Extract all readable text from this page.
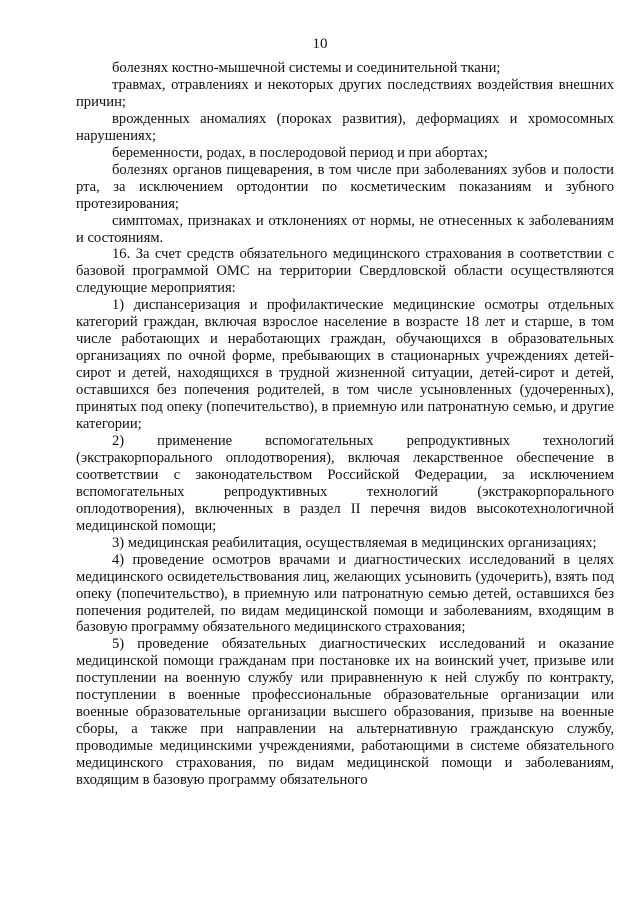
10

болезнях костно-мышечной системы и соединительной ткани;

травмах, отравлениях и некоторых других последствиях воздействия внешних причин;

врожденных аномалиях (пороках развития), деформациях и хромосомных нарушениях;

беременности, родах, в послеродовой период и при абортах;

болезнях органов пищеварения, в том числе при заболеваниях зубов и полости рта, за исключением ортодонтии по косметическим показаниям и зубного протезирования;

симптомах, признаках и отклонениях от нормы, не отнесенных к заболеваниям и состояниям.

16. За счет средств обязательного медицинского страхования в соответствии с базовой программой ОМС на территории Свердловской области осуществляются следующие мероприятия:

1) диспансеризация и профилактические медицинские осмотры отдельных категорий граждан, включая взрослое население в возрасте 18 лет и старше, в том числе работающих и неработающих граждан, обучающихся в образовательных организациях по очной форме, пребывающих в стационарных учреждениях детей-сирот и детей, находящихся в трудной жизненной ситуации, детей-сирот и детей, оставшихся без попечения родителей, в том числе усыновленных (удочеренных), принятых под опеку (попечительство), в приемную или патронатную семью, и другие категории;

2) применение вспомогательных репродуктивных технологий (экстракорпорального оплодотворения), включая лекарственное обеспечение в соответствии с законодательством Российской Федерации, за исключением вспомогательных репродуктивных технологий (экстракорпорального оплодотворения), включенных в раздел II перечня видов высокотехнологичной медицинской помощи;

3) медицинская реабилитация, осуществляемая в медицинских организациях;

4) проведение осмотров врачами и диагностических исследований в целях медицинского освидетельствования лиц, желающих усыновить (удочерить), взять под опеку (попечительство), в приемную или патронатную семью детей, оставшихся без попечения родителей, по видам медицинской помощи и заболеваниям, входящим в базовую программу обязательного медицинского страхования;

5) проведение обязательных диагностических исследований и оказание медицинской помощи гражданам при постановке их на воинский учет, призыве или поступлении на военную службу или приравненную к ней службу по контракту, поступлении в военные профессиональные образовательные организации или военные образовательные организации высшего образования, призыве на военные сборы, а также при направлении на альтернативную гражданскую службу, проводимые медицинскими учреждениями, работающими в системе обязательного медицинского страхования, по видам медицинской помощи и заболеваниям, входящим в базовую программу обязательного
